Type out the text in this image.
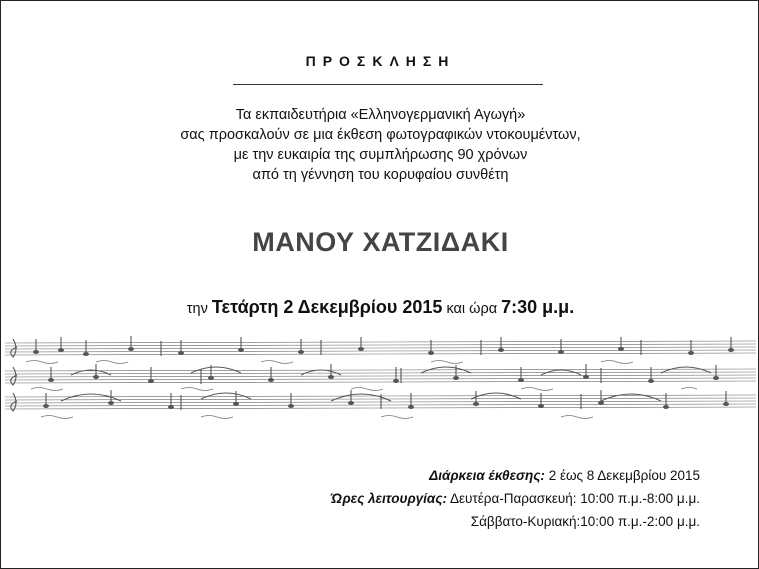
ΠΡΟΣΚΛΗΣΗ
Τα εκπαιδευτήρια «Ελληνογερμανική Αγωγή»
σας προσκαλούν σε μια έκθεση φωτογραφικών ντοκουμέντων,
με την ευκαιρία της συμπλήρωσης 90 χρόνων
από τη γέννηση του κορυφαίου συνθέτη
ΜΑΝΟΥ ΧΑΤΖΙΔΑΚΙ
την Τετάρτη 2 Δεκεμβρίου 2015 και ώρα 7:30 μ.μ.
Διάρκεια έκθεσης: 2 έως 8 Δεκεμβρίου 2015
Ώρες λειτουργίας: Δευτέρα-Παρασκευή: 10:00 π.μ.-8:00 μ.μ.
Σάββατο-Κυριακή:10:00 π.μ.-2:00 μ.μ.
